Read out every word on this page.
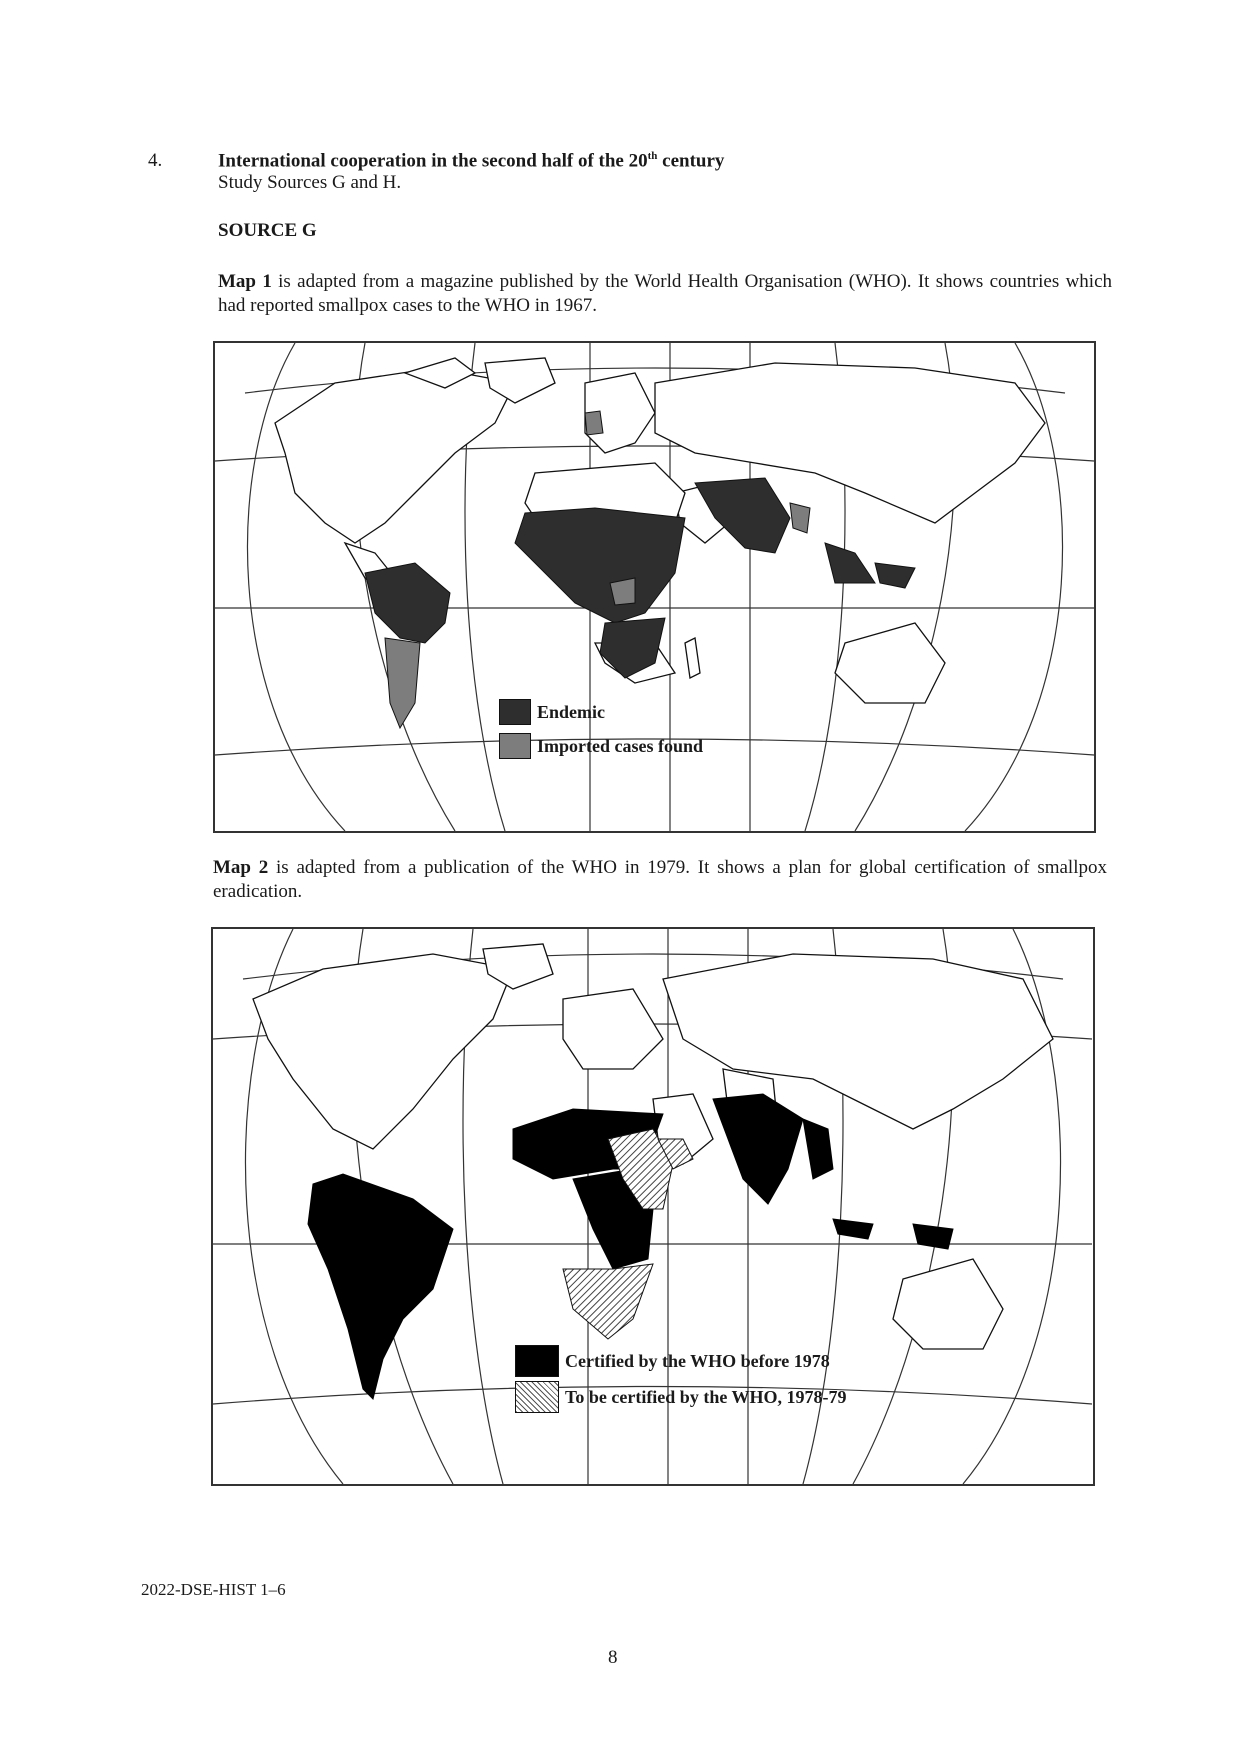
4.	International cooperation in the second half of the 20th century
Study Sources G and H.
SOURCE G
Map 1 is adapted from a magazine published by the World Health Organisation (WHO). It shows countries which had reported smallpox cases to the WHO in 1967.
Endemic
Imported cases found
Map 2 is adapted from a publication of the WHO in 1979. It shows a plan for global certification of smallpox eradication.
Certified by the WHO before 1978
To be certified by the WHO, 1978-79
2022-DSE-HIST 1–6
8
